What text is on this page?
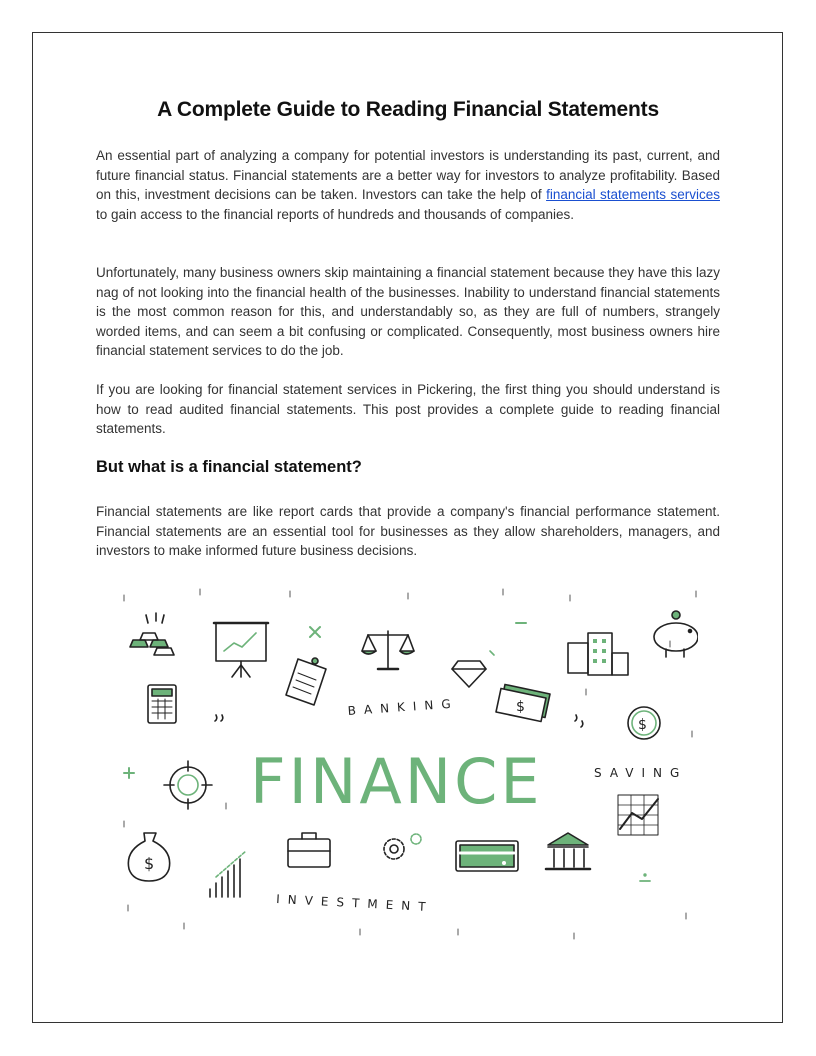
A Complete Guide to Reading Financial Statements

An essential part of analyzing a company for potential investors is understanding its past, current, and future financial status. Financial statements are a better way for investors to analyze profitability. Based on this, investment decisions can be taken. Investors can take the help of financial statements services to gain access to the financial reports of hundreds and thousands of companies.

Unfortunately, many business owners skip maintaining a financial statement because they have this lazy nag of not looking into the financial health of the businesses. Inability to understand financial statements is the most common reason for this, and understandably so, as they are full of numbers, strangely worded items, and can seem a bit confusing or complicated. Consequently, most business owners hire financial statement services to do the job.

If you are looking for financial statement services in Pickering, the first thing you should understand is how to read audited financial statements. This post provides a complete guide to reading financial statements.

But what is a financial statement?

Financial statements are like report cards that provide a company's financial performance statement. Financial statements are an essential tool for businesses as they allow shareholders, managers, and investors to make informed future business decisions.

$
$
BANKING
SAVING
INVESTMENT
FINANCE
$
